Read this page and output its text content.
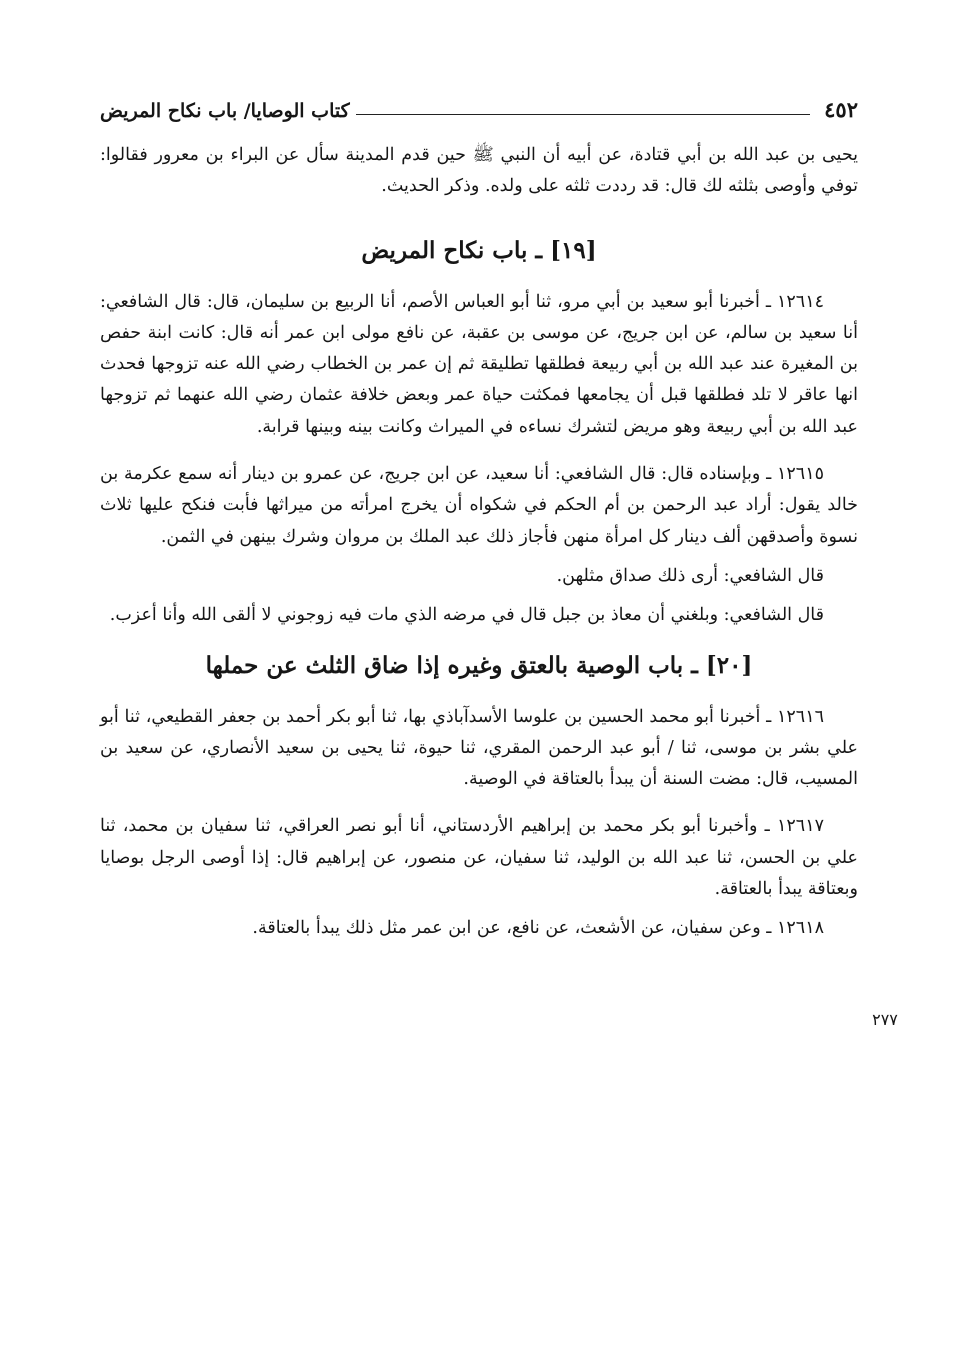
٤٥٢
كتاب الوصايا/ باب نكاح المريض

يحيى بن عبد الله بن أبي قتادة، عن أبيه أن النبي ﷺ حين قدم المدينة سأل عن البراء بن معرور فقالوا: توفي وأوصى بثلثه لك قال: قد رددت ثلثه على ولده. وذكر الحديث.

[١٩] ـ باب نكاح المريض

١٢٦١٤ ـ أخبرنا أبو سعيد بن أبي مرو، ثنا أبو العباس الأصم، أنا الربيع بن سليمان، قال: قال الشافعي: أنا سعيد بن سالم، عن ابن جريج، عن موسى بن عقبة، عن نافع مولى ابن عمر أنه قال: كانت ابنة حفص بن المغيرة عند عبد الله بن أبي ربيعة فطلقها تطليقة ثم إن عمر بن الخطاب رضي الله عنه تزوجها فحدث انها عاقر لا تلد فطلقها قبل أن يجامعها فمكثت حياة عمر وبعض خلافة عثمان رضي الله عنهما ثم تزوجها عبد الله بن أبي ربيعة وهو مريض لتشرك نساءه في الميراث وكانت بينه وبينها قرابة.

١٢٦١٥ ـ وبإسناده قال: قال الشافعي: أنا سعيد، عن ابن جريج، عن عمرو بن دينار أنه سمع عكرمة بن خالد يقول: أراد عبد الرحمن بن أم الحكم في شكواه أن يخرج امرأته من ميراثها فأبت فنكح عليها ثلاث نسوة وأصدقهن ألف دينار كل امرأة منهن فأجاز ذلك عبد الملك بن مروان وشرك بينهن في الثمن.

قال الشافعي: أرى ذلك صداق مثلهن.

قال الشافعي: وبلغني أن معاذ بن جبل قال في مرضه الذي مات فيه زوجوني لا ألقى الله وأنا أعزب.

[٢٠] ـ باب الوصية بالعتق وغيره إذا ضاق الثلث عن حملها

١٢٦١٦ ـ أخبرنا أبو محمد الحسين بن علوسا الأسدآباذي بها، ثنا أبو بكر أحمد بن جعفر القطيعي، ثنا أبو علي بشر بن موسى، ثنا / أبو عبد الرحمن المقري، ثنا حيوة، ثنا يحيى بن سعيد الأنصاري، عن سعيد بن المسيب، قال: مضت السنة أن يبدأ بالعتاقة في الوصية.

١٢٦١٧ ـ وأخبرنا أبو بكر محمد بن إبراهيم الأردستاني، أنا أبو نصر العراقي، ثنا سفيان بن محمد، ثنا علي بن الحسن، ثنا عبد الله بن الوليد، ثنا سفيان، عن منصور، عن إبراهيم قال: إذا أوصى الرجل بوصايا وبعتاقة يبدأ بالعتاقة.

١٢٦١٨ ـ وعن سفيان، عن الأشعث، عن نافع، عن ابن عمر مثل ذلك يبدأ بالعتاقة.

٢٧٧
